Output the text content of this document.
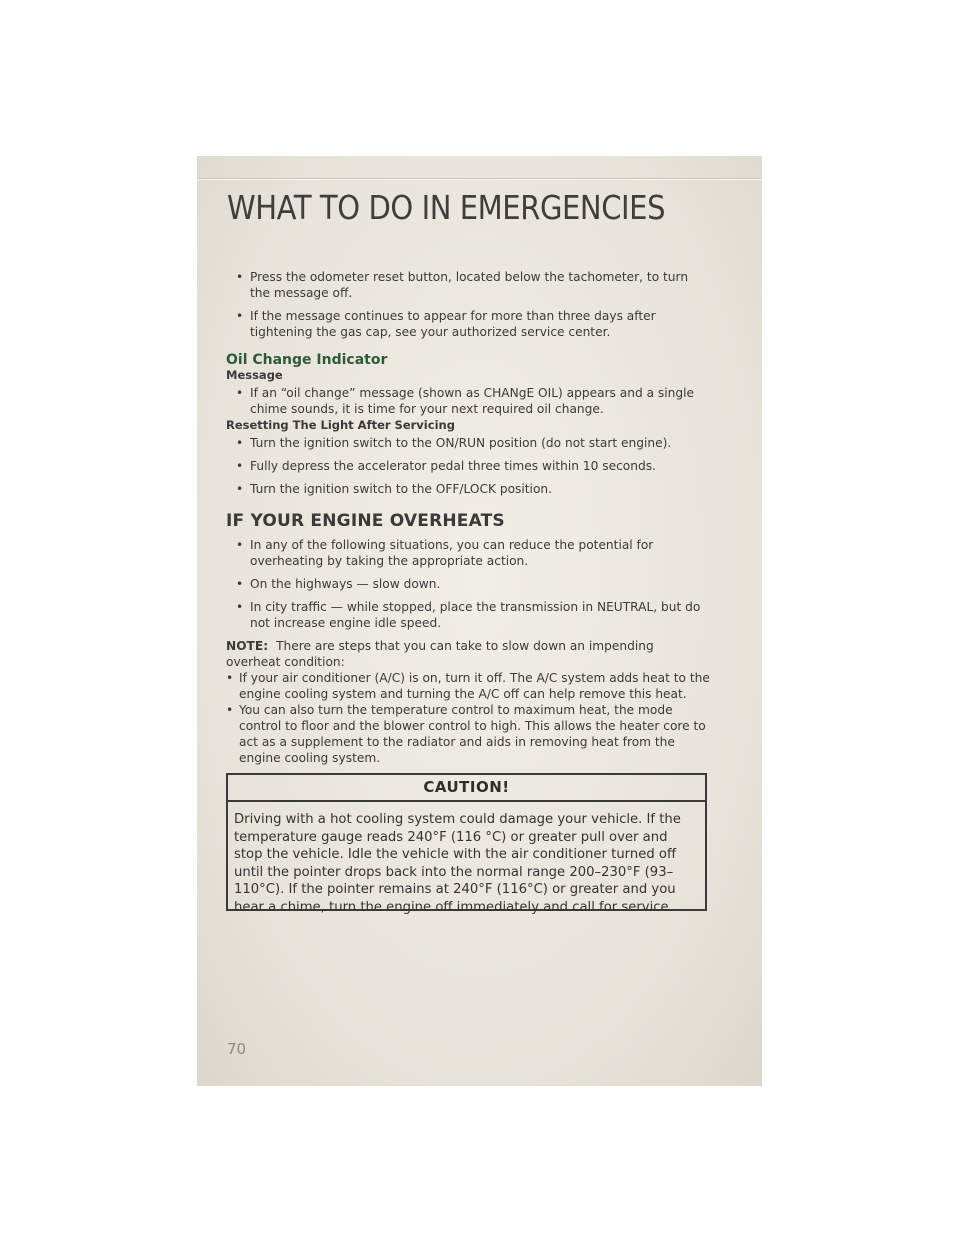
WHAT TO DO IN EMERGENCIES
• Press the odometer reset button, located below the tachometer, to turn the message off.
• If the message continues to appear for more than three days after tightening the gas cap, see your authorized service center.
Oil Change Indicator
Message
• If an “oil change” message (shown as CHANgE OIL) appears and a single chime sounds, it is time for your next required oil change.
Resetting The Light After Servicing
• Turn the ignition switch to the ON/RUN position (do not start engine).
• Fully depress the accelerator pedal three times within 10 seconds.
• Turn the ignition switch to the OFF/LOCK position.
IF YOUR ENGINE OVERHEATS
• In any of the following situations, you can reduce the potential for overheating by taking the appropriate action.
• On the highways — slow down.
• In city traffic — while stopped, place the transmission in NEUTRAL, but do not increase engine idle speed.

NOTE: There are steps that you can take to slow down an impending overheat condition:

• If your air conditioner (A/C) is on, turn it off. The A/C system adds heat to the engine cooling system and turning the A/C off can help remove this heat.
• You can also turn the temperature control to maximum heat, the mode control to floor and the blower control to high. This allows the heater core to act as a supplement to the radiator and aids in removing heat from the engine cooling system.
CAUTION!
Driving with a hot cooling system could damage your vehicle. If the temperature gauge reads 240°F (116 °C) or greater pull over and stop the vehicle. Idle the vehicle with the air conditioner turned off until the pointer drops back into the normal range 200–230°F (93–110°C). If the pointer remains at 240°F (116°C) or greater and you hear a chime, turn the engine off immediately and call for service.
70
